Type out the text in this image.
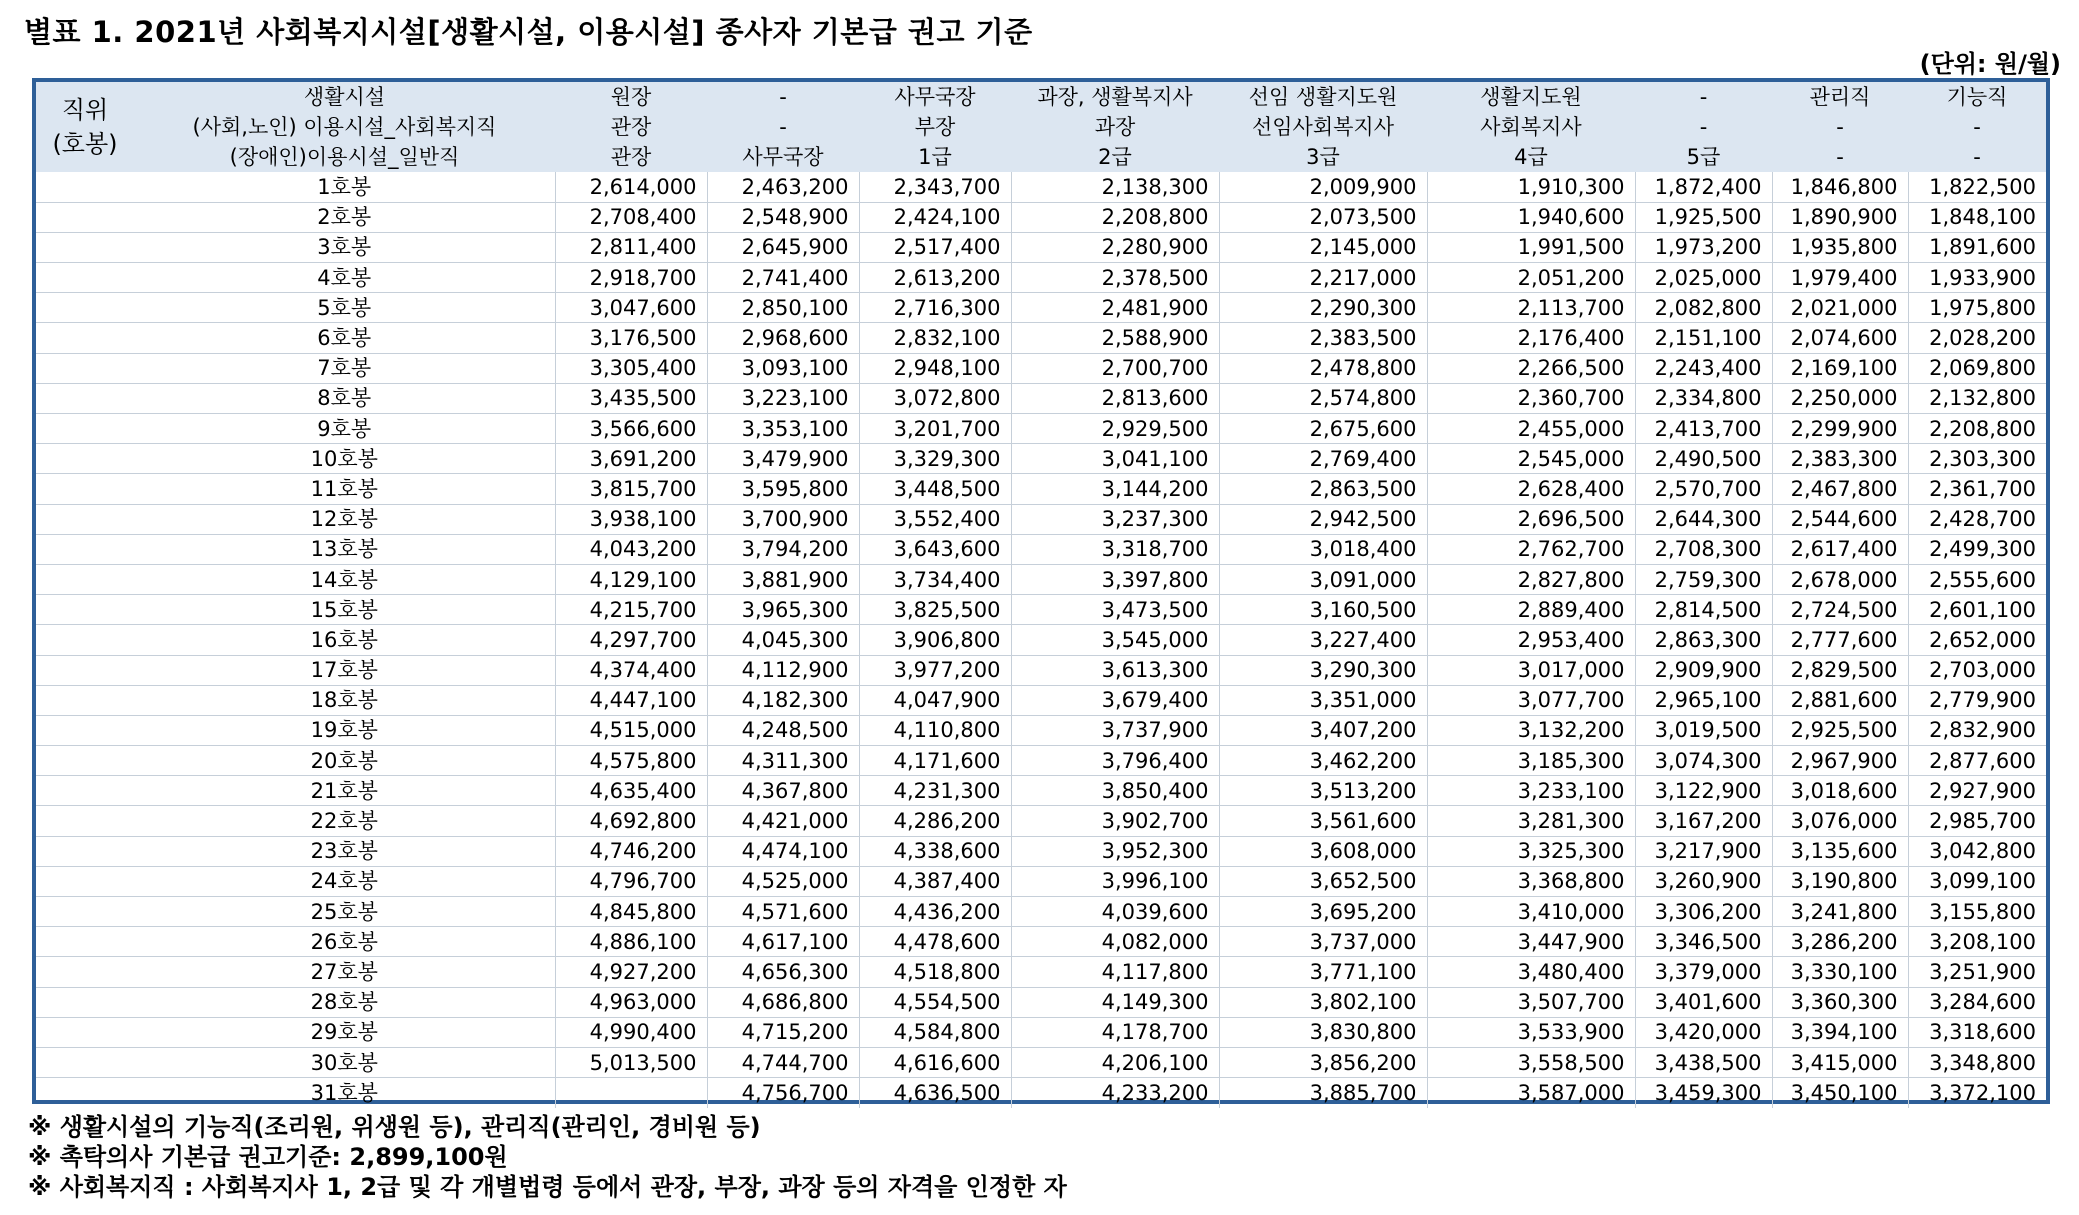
별표 1. 2021년 사회복지시설[생활시설, 이용시설] 종사자 기본급 권고 기준
(단위: 원/월)
직위
(호봉)	생활시설	원장	-	사무국장	과장, 생활복지사	선임 생활지도원	생활지도원	-	관리직	기능직
	(사회,노인) 이용시설_사회복지직	관장	-	부장	과장	선임사회복지사	사회복지사	-	-	-
	(장애인)이용시설_일반직	관장	사무국장	1급	2급	3급	4급	5급	-	-
	1호봉	2,614,000	2,463,200	2,343,700	2,138,300	2,009,900	1,910,300	1,872,400	1,846,800	1,822,500
	2호봉	2,708,400	2,548,900	2,424,100	2,208,800	2,073,500	1,940,600	1,925,500	1,890,900	1,848,100
	3호봉	2,811,400	2,645,900	2,517,400	2,280,900	2,145,000	1,991,500	1,973,200	1,935,800	1,891,600
	4호봉	2,918,700	2,741,400	2,613,200	2,378,500	2,217,000	2,051,200	2,025,000	1,979,400	1,933,900
	5호봉	3,047,600	2,850,100	2,716,300	2,481,900	2,290,300	2,113,700	2,082,800	2,021,000	1,975,800
	6호봉	3,176,500	2,968,600	2,832,100	2,588,900	2,383,500	2,176,400	2,151,100	2,074,600	2,028,200
	7호봉	3,305,400	3,093,100	2,948,100	2,700,700	2,478,800	2,266,500	2,243,400	2,169,100	2,069,800
	8호봉	3,435,500	3,223,100	3,072,800	2,813,600	2,574,800	2,360,700	2,334,800	2,250,000	2,132,800
	9호봉	3,566,600	3,353,100	3,201,700	2,929,500	2,675,600	2,455,000	2,413,700	2,299,900	2,208,800
	10호봉	3,691,200	3,479,900	3,329,300	3,041,100	2,769,400	2,545,000	2,490,500	2,383,300	2,303,300
	11호봉	3,815,700	3,595,800	3,448,500	3,144,200	2,863,500	2,628,400	2,570,700	2,467,800	2,361,700
	12호봉	3,938,100	3,700,900	3,552,400	3,237,300	2,942,500	2,696,500	2,644,300	2,544,600	2,428,700
	13호봉	4,043,200	3,794,200	3,643,600	3,318,700	3,018,400	2,762,700	2,708,300	2,617,400	2,499,300
	14호봉	4,129,100	3,881,900	3,734,400	3,397,800	3,091,000	2,827,800	2,759,300	2,678,000	2,555,600
	15호봉	4,215,700	3,965,300	3,825,500	3,473,500	3,160,500	2,889,400	2,814,500	2,724,500	2,601,100
	16호봉	4,297,700	4,045,300	3,906,800	3,545,000	3,227,400	2,953,400	2,863,300	2,777,600	2,652,000
	17호봉	4,374,400	4,112,900	3,977,200	3,613,300	3,290,300	3,017,000	2,909,900	2,829,500	2,703,000
	18호봉	4,447,100	4,182,300	4,047,900	3,679,400	3,351,000	3,077,700	2,965,100	2,881,600	2,779,900
	19호봉	4,515,000	4,248,500	4,110,800	3,737,900	3,407,200	3,132,200	3,019,500	2,925,500	2,832,900
	20호봉	4,575,800	4,311,300	4,171,600	3,796,400	3,462,200	3,185,300	3,074,300	2,967,900	2,877,600
	21호봉	4,635,400	4,367,800	4,231,300	3,850,400	3,513,200	3,233,100	3,122,900	3,018,600	2,927,900
	22호봉	4,692,800	4,421,000	4,286,200	3,902,700	3,561,600	3,281,300	3,167,200	3,076,000	2,985,700
	23호봉	4,746,200	4,474,100	4,338,600	3,952,300	3,608,000	3,325,300	3,217,900	3,135,600	3,042,800
	24호봉	4,796,700	4,525,000	4,387,400	3,996,100	3,652,500	3,368,800	3,260,900	3,190,800	3,099,100
	25호봉	4,845,800	4,571,600	4,436,200	4,039,600	3,695,200	3,410,000	3,306,200	3,241,800	3,155,800
	26호봉	4,886,100	4,617,100	4,478,600	4,082,000	3,737,000	3,447,900	3,346,500	3,286,200	3,208,100
	27호봉	4,927,200	4,656,300	4,518,800	4,117,800	3,771,100	3,480,400	3,379,000	3,330,100	3,251,900
	28호봉	4,963,000	4,686,800	4,554,500	4,149,300	3,802,100	3,507,700	3,401,600	3,360,300	3,284,600
	29호봉	4,990,400	4,715,200	4,584,800	4,178,700	3,830,800	3,533,900	3,420,000	3,394,100	3,318,600
	30호봉	5,013,500	4,744,700	4,616,600	4,206,100	3,856,200	3,558,500	3,438,500	3,415,000	3,348,800
	31호봉		4,756,700	4,636,500	4,233,200	3,885,700	3,587,000	3,459,300	3,450,100	3,372,100
※ 생활시설의 기능직(조리원, 위생원 등), 관리직(관리인, 경비원 등)
※ 촉탁의사 기본급 권고기준: 2,899,100원
※ 사회복지직 : 사회복지사 1, 2급 및 각 개별법령 등에서 관장, 부장, 과장 등의 자격을 인정한 자
